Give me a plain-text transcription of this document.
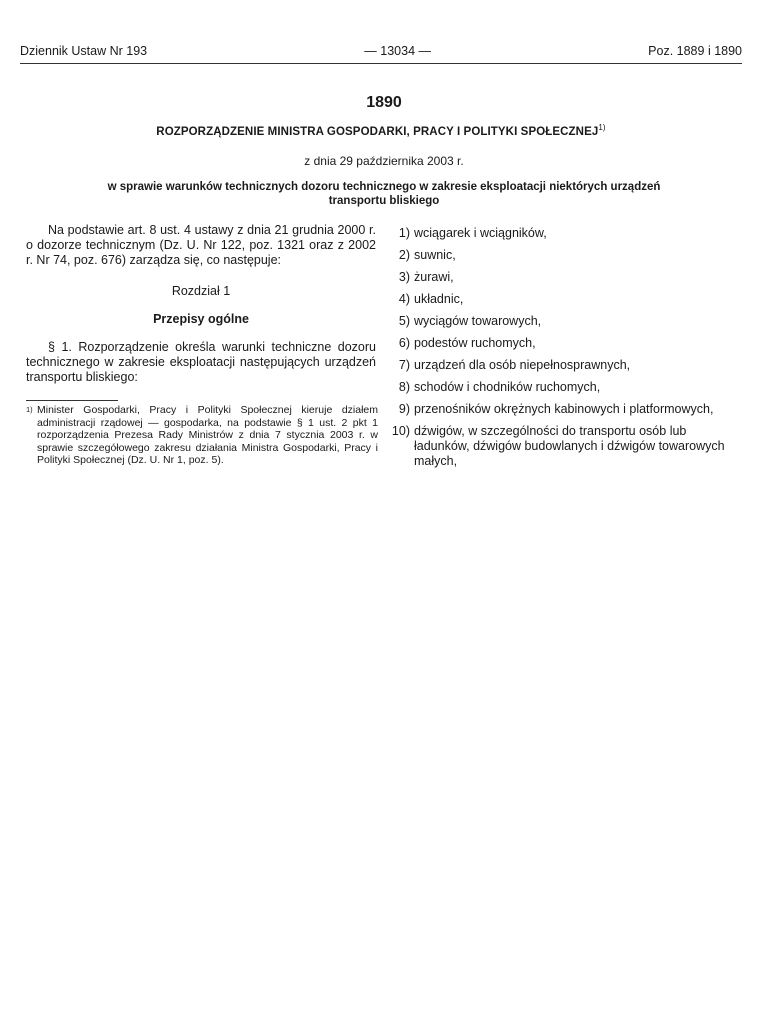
Dziennik Ustaw Nr 193	— 13034 —	Poz. 1889 i 1890
1890
ROZPORZĄDZENIE MINISTRA GOSPODARKI, PRACY I POLITYKI SPOŁECZNEJ$^{1)}$
z dnia 29 października 2003 r.
w sprawie warunków technicznych dozoru technicznego w zakresie eksploatacji niektórych urządzeń
transportu bliskiego

Na podstawie art. 8 ust. 4 ustawy z dnia 21 grudnia 2000 r. o dozorze technicznym (Dz. U. Nr 122, poz. 1321 oraz z 2002 r. Nr 74, poz. 676) zarządza się, co następuje:

Rozdział 1

Przepisy ogólne

§ 1. Rozporządzenie określa warunki techniczne dozoru technicznego w zakresie eksploatacji następujących urządzeń transportu bliskiego:

1) Minister Gospodarki, Pracy i Polityki Społecznej kieruje działem administracji rządowej — gospodarka, na podstawie § 1 ust. 2 pkt 1 rozporządzenia Prezesa Rady Ministrów z dnia 7 stycznia 2003 r. w sprawie szczegółowego zakresu działania Ministra Gospodarki, Pracy i Polityki Społecznej (Dz. U. Nr 1, poz. 5).
1) wciągarek i wciągników,
2) suwnic,
3) żurawi,
4) układnic,
5) wyciągów towarowych,
6) podestów ruchomych,
7) urządzeń dla osób niepełnosprawnych,
8) schodów i chodników ruchomych,
9) przenośników okrężnych kabinowych i platformowych,
10) dźwigów, w szczególności do transportu osób lub ładunków, dźwigów budowlanych i dźwigów towarowych małych,
